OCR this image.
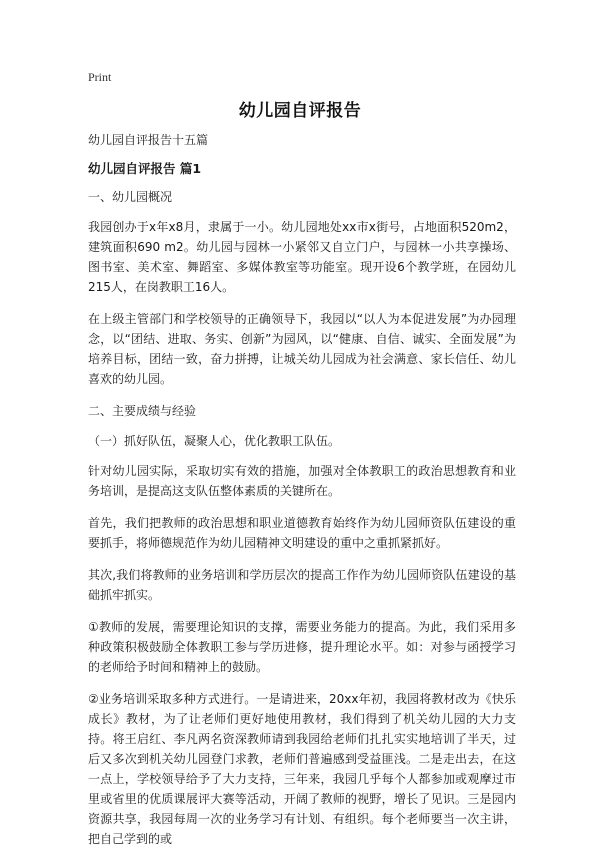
Print
幼儿园自评报告
幼儿园自评报告十五篇
幼儿园自评报告 篇1
一、幼儿园概况

我园创办于x年x8月，隶属于一小。幼儿园地处xx市x街号，占地面积520m2，建筑面积690 m2。幼儿园与园林一小紧邻又自立门户，与园林一小共享操场、图书室、美术室、舞蹈室、多媒体教室等功能室。现开设6个教学班，在园幼儿215人，在岗教职工16人。

在上级主管部门和学校领导的正确领导下，我园以“以人为本促进发展”为办园理念，以“团结、进取、务实、创新”为园风，以“健康、自信、诚实、全面发展”为培养目标，团结一致，奋力拼搏，让城关幼儿园成为社会满意、家长信任、幼儿喜欢的幼儿园。

二、主要成绩与经验
（一）抓好队伍，凝聚人心，优化教职工队伍。

针对幼儿园实际，采取切实有效的措施，加强对全体教职工的政治思想教育和业务培训，是提高这支队伍整体素质的关键所在。

首先，我们把教师的政治思想和职业道德教育始终作为幼儿园师资队伍建设的重要抓手，将师德规范作为幼儿园精神文明建设的重中之重抓紧抓好。

其次,我们将教师的业务培训和学历层次的提高工作作为幼儿园师资队伍建设的基础抓牢抓实。

①教师的发展，需要理论知识的支撑，需要业务能力的提高。为此，我们采用多种政策积极鼓励全体教职工参与学历进修，提升理论水平。如：对参与函授学习的老师给予时间和精神上的鼓励。

②业务培训采取多种方式进行。一是请进来，20xx年初，我园将教材改为《快乐成长》教材，为了让老师们更好地使用教材，我们得到了机关幼儿园的大力支持。将王启红、李凡两名资深教师请到我园给老师们扎扎实实地培训了半天，过后又多次到机关幼儿园登门求教，老师们普遍感到受益匪浅。二是走出去，在这一点上，学校领导给予了大力支持，三年来，我园几乎每个人都参加或观摩过市里或省里的优质课展评大赛等活动，开阔了教师的视野，增长了见识。三是园内资源共享，我园每周一次的业务学习有计划、有组织。每个老师要当一次主讲，把自己学到的或
